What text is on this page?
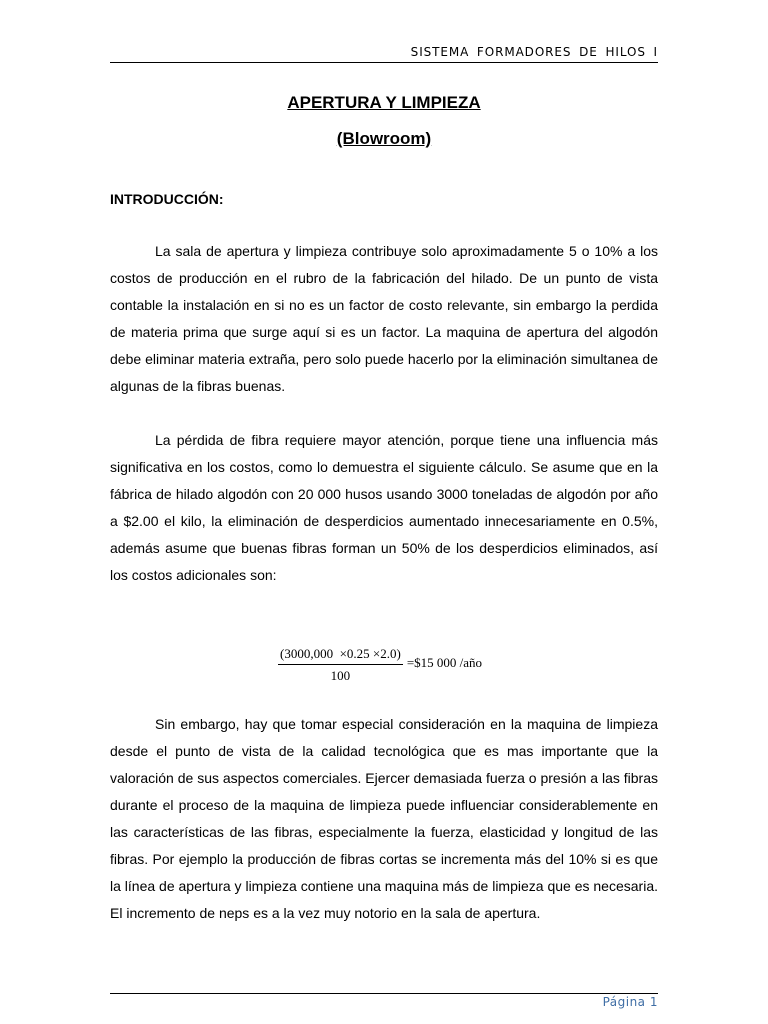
SISTEMA FORMADORES DE HILOS I
APERTURA Y LIMPIEZA
(Blowroom)
INTRODUCCIÓN:

La sala de apertura y limpieza contribuye solo aproximadamente 5 o 10% a los costos de producción en el rubro de la fabricación del hilado. De un punto de vista contable la instalación en si no es un factor de costo relevante, sin embargo la perdida de materia prima que surge aquí si es un factor. La maquina de apertura del algodón debe eliminar materia extraña, pero solo puede hacerlo por la eliminación simultanea de algunas de la fibras buenas.

La pérdida de fibra requiere mayor atención, porque tiene una influencia más significativa en los costos, como lo demuestra el siguiente cálculo. Se asume que en la fábrica de hilado algodón con 20 000 husos usando 3000 toneladas de algodón por año a $2.00 el kilo, la eliminación de desperdicios aumentado innecesariamente en 0.5%, además asume que buenas fibras forman un 50% de los desperdicios eliminados, así los costos adicionales son:

$\frac{(3000,000 \times 0.25 \times 2.0)}{100}$ =$15 000 /año

Sin embargo, hay que tomar especial consideración en la maquina de limpieza desde el punto de vista de la calidad tecnológica que es mas importante que la valoración de sus aspectos comerciales. Ejercer demasiada fuerza o presión a las fibras durante el proceso de la maquina de limpieza puede influenciar considerablemente en las características de las fibras, especialmente la fuerza, elasticidad y longitud de las fibras. Por ejemplo la producción de fibras cortas se incrementa más del 10% si es que la línea de apertura y limpieza contiene una maquina más de limpieza que es necesaria. El incremento de neps es a la vez muy notorio en la sala de apertura.

Página 1
